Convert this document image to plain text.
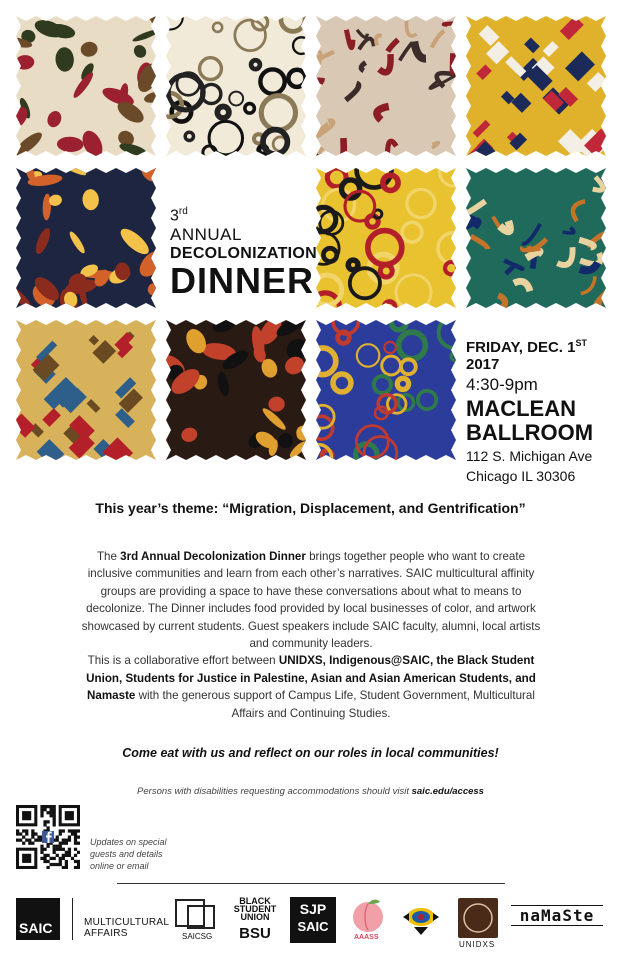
3rd
ANNUAL
DECOLONIZATION
DINNER
FRIDAY, DEC. 1ST 2017
4:30-9pm
MACLEAN
BALLROOM
112 S. Michigan Ave
Chicago IL 30306
This year’s theme: “Migration, Displacement, and Gentrification”
The 3rd Annual Decolonization Dinner brings together people who want to create inclusive communities and learn from each other’s narratives. SAIC multicultural affinity groups are providing a space to have these conversations about what to means to decolonize. The Dinner includes food provided by local businesses of color, and artwork showcased by current students. Guest speakers include SAIC faculty, alumni, local artists and community leaders.
This is a collaborative effort between UNIDXS, Indigenous@SAIC, the Black Student Union, Students for Justice in Palestine, Asian and Asian American Students, and Namaste with the generous support of Campus Life, Student Government, Multicultural Affairs and Continuing Studies.
Come eat with us and reflect on our roles in local communities!
Persons with disabilities requesting accommodations should visit saic.edu/access
Updates on special guests and details online or email
SAIC	MULTICULTURAL
AFFAIRS	SAICSG
BLACK
STUDENT
UNION
BSU
SJP
SAIC
AAASS
UNIDXS
naMaSte
